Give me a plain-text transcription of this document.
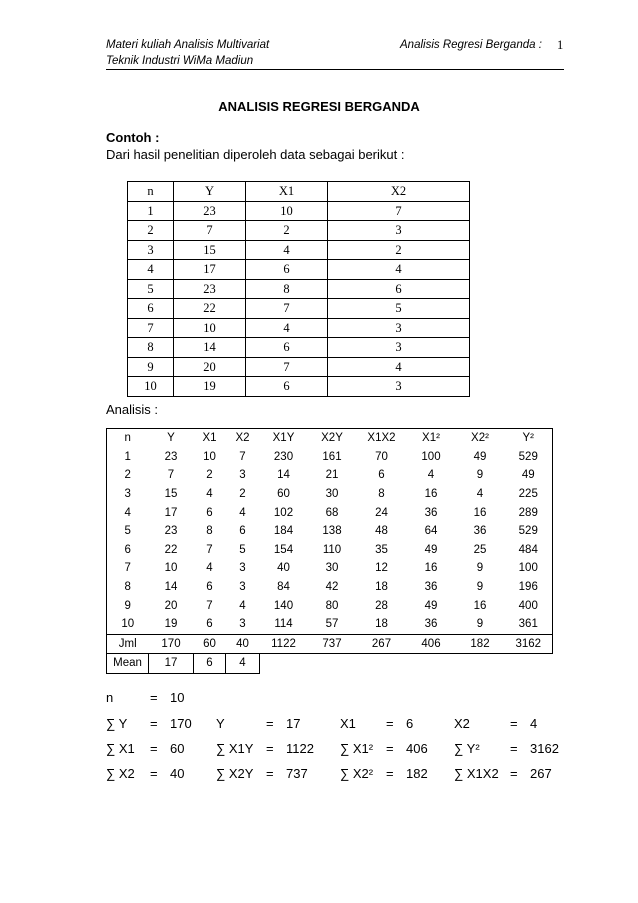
Materi kuliah Analisis Multivariat
Teknik Industri WiMa Madiun
Analisis Regresi Berganda : 1
ANALISIS REGRESI BERGANDA
Contoh :
Dari hasil penelitian diperoleh data sebagai berikut :
n	Y	X1	X2
1	23	10	7
2	7	2	3
3	15	4	2
4	17	6	4
5	23	8	6
6	22	7	5
7	10	4	3
8	14	6	3
9	20	7	4
10	19	6	3
Analisis :
n	Y	X1	X2	X1Y	X2Y	X1X2	X1²	X2²	Y²
1	23	10	7	230	161	70	100	49	529
2	7	2	3	14	21	6	4	9	49
3	15	4	2	60	30	8	16	4	225
4	17	6	4	102	68	24	36	16	289
5	23	8	6	184	138	48	64	36	529
6	22	7	5	154	110	35	49	25	484
7	10	4	3	40	30	12	16	9	100
8	14	6	3	84	42	18	36	9	196
9	20	7	4	140	80	28	49	16	400
10	19	6	3	114	57	18	36	9	361
Jml	170	60	40	1122	737	267	406	182	3162
Mean	17	6	4						
n	= 10
∑ Y = 170 Y	= 17	X1 = 6	X2	= 4
∑ X1 = 60 ∑ X1Y = 1122 ∑ X1² = 406 ∑ Y² = 3162
∑ X2 = 40 ∑ X2Y = 737 ∑ X2² = 182 ∑ X1X2 = 267
